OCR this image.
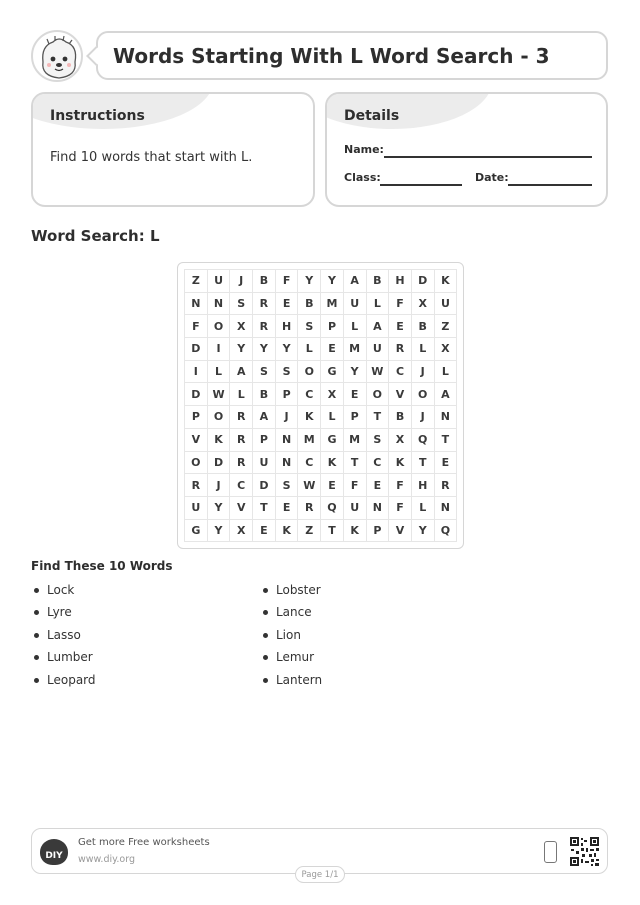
Words Starting With L Word Search - 3
Instructions
Find 10 words that start with L.
Details
Name:
Class:	Date:
Word Search: L
Z	U	J	B	F	Y	Y	A	B	H	D	K
N	N	S	R	E	B	M	U	L	F	X	U
F	O	X	R	H	S	P	L	A	E	B	Z
D	I	Y	Y	Y	L	E	M	U	R	L	X
I	L	A	S	S	O	G	Y	W	C	J	L
D	W	L	B	P	C	X	E	O	V	O	A
P	O	R	A	J	K	L	P	T	B	J	N
V	K	R	P	N	M	G	M	S	X	Q	T
O	D	R	U	N	C	K	T	C	K	T	E
R	J	C	D	S	W	E	F	E	F	H	R
U	Y	V	T	E	R	Q	U	N	F	L	N
G	Y	X	E	K	Z	T	K	P	V	Y	Q
Find These 10 Words
Lock
Lyre
Lasso
Lumber
Leopard
Lobster
Lance
Lion
Lemur
Lantern
DIY
Get more Free worksheets
www.diy.org
Page 1/1
